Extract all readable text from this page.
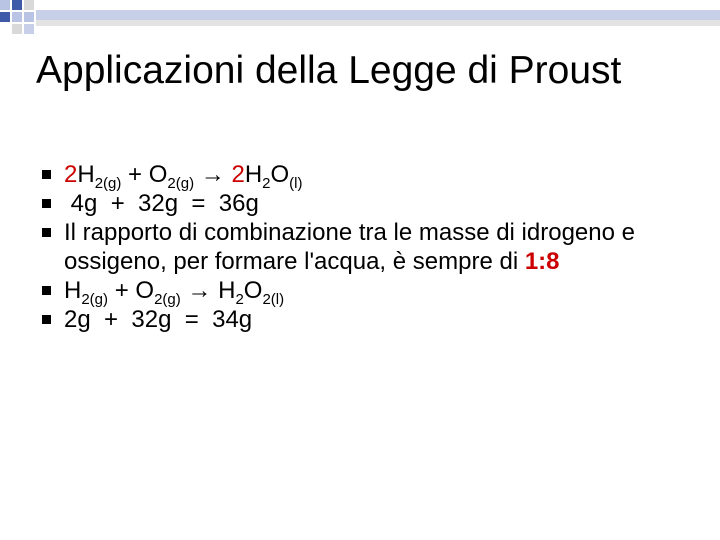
Applicazioni della Legge di Proust
$2H_{2(g)} + O_{2(g)} \to 2H_2O_{(l)}$
4g  +  32g  =  36g
Il rapporto di combinazione tra le masse di idrogeno e ossigeno, per formare l'acqua, è sempre di 1:8
$H_{2(g)} + O_{2(g)} \to H_2O_{2(l)}$
2g  +  32g  =  34g
